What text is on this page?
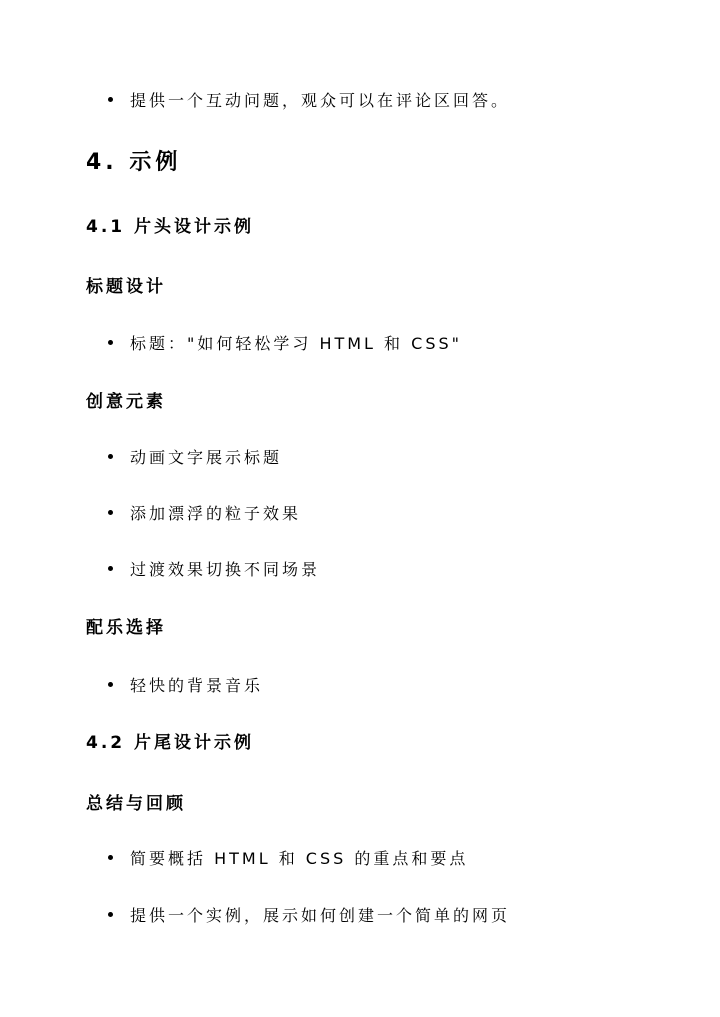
提供一个互动问题，观众可以在评论区回答。
4. 示例
4.1 片头设计示例
标题设计
标题："如何轻松学习 HTML 和 CSS"
创意元素
动画文字展示标题
添加漂浮的粒子效果
过渡效果切换不同场景
配乐选择
轻快的背景音乐
4.2 片尾设计示例
总结与回顾
简要概括 HTML 和 CSS 的重点和要点
提供一个实例，展示如何创建一个简单的网页
